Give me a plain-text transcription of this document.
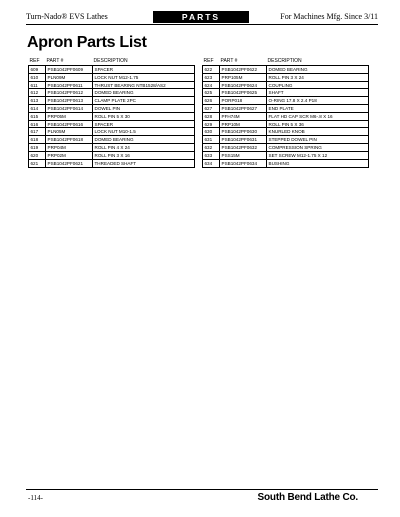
Turn-Nado® EVS Lathes	PARTS	For Machines Mfg. Since 3/11
Apron Parts List
REF PART #	DESCRIPTION
609	PSB1042PF0609	SPACER
610	PLN09M	LOCK NUT M12-1.75
611	PSB1042PF0611	THRUST BEARING NTB1528/AS2
612	PSB1042PF0612	DOMED BEARING
613	PSB1042PF0613	CLAMP PLATE 2PC
614	PSB1042PF0614	DOWEL PIN
615	PRP05M	ROLL PIN 5 X 30
616	PSB1042PF0616	SPACER
617	PLN05M	LOCK NUT M10-1.5
618	PSB1042PF0618	DOMED BEARING
619	PRP04M	ROLL PIN 4 X 24
620	PRP02M	ROLL PIN 3 X 16
621	PSB1042PF0621	THREADED SHAFT
REF PART #	DESCRIPTION
622	PSB1042PF0622	DOMED BEARING
623	PRP105M	ROLL PIN 3 X 24
624	PSB1042PF0624	COUPLING
625	PSB1042PF0625	SHAFT
626	PORP018	O-RING 17.8 X 2.4 P18
627	PSB1042PF0627	END PLATE
628	PFH74M	FLAT HD CAP SCR M6-.8 X 16
629	PRP10M	ROLL PIN 5 X 36
630	PSB1042PF0630	KNURLED KNOB
631	PSB1042PF0631	STEPPED DOWEL PIN
632	PSB1042PF0632	COMPRESSION SPRING
633	PSS15M	SET SCREW M12-1.75 X 12
634	PSB1042PF0634	BUSHING
-114-	South Bend Lathe Co.
